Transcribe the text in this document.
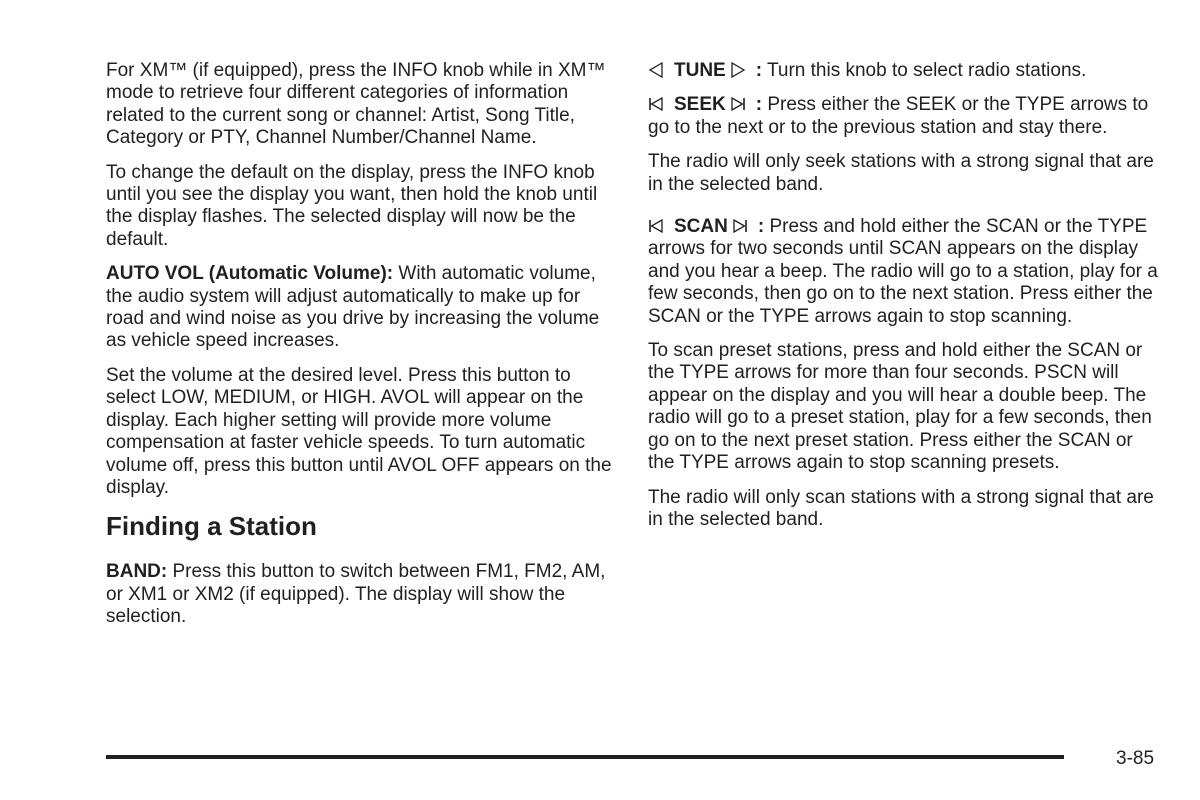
For XM™ (if equipped), press the INFO knob while in XM™ mode to retrieve four different categories of information related to the current song or channel: Artist, Song Title, Category or PTY, Channel Number/Channel Name.

To change the default on the display, press the INFO knob until you see the display you want, then hold the knob until the display flashes. The selected display will now be the default.

AUTO VOL (Automatic Volume): With automatic volume, the audio system will adjust automatically to make up for road and wind noise as you drive by increasing the volume as vehicle speed increases.

Set the volume at the desired level. Press this button to select LOW, MEDIUM, or HIGH. AVOL will appear on the display. Each higher setting will provide more volume compensation at faster vehicle speeds. To turn automatic volume off, press this button until AVOL OFF appears on the display.

Finding a Station

BAND: Press this button to switch between FM1, FM2, AM, or XM1 or XM2 (if equipped). The display will show the selection.

TUNE : Turn this knob to select radio stations.

SEEK : Press either the SEEK or the TYPE arrows to go to the next or to the previous station and stay there.

The radio will only seek stations with a strong signal that are in the selected band.

SCAN : Press and hold either the SCAN or the TYPE arrows for two seconds until SCAN appears on the display and you hear a beep. The radio will go to a station, play for a few seconds, then go on to the next station. Press either the SCAN or the TYPE arrows again to stop scanning.

To scan preset stations, press and hold either the SCAN or the TYPE arrows for more than four seconds. PSCN will appear on the display and you will hear a double beep. The radio will go to a preset station, play for a few seconds, then go on to the next preset station. Press either the SCAN or the TYPE arrows again to stop scanning presets.

The radio will only scan stations with a strong signal that are in the selected band.

3-85
